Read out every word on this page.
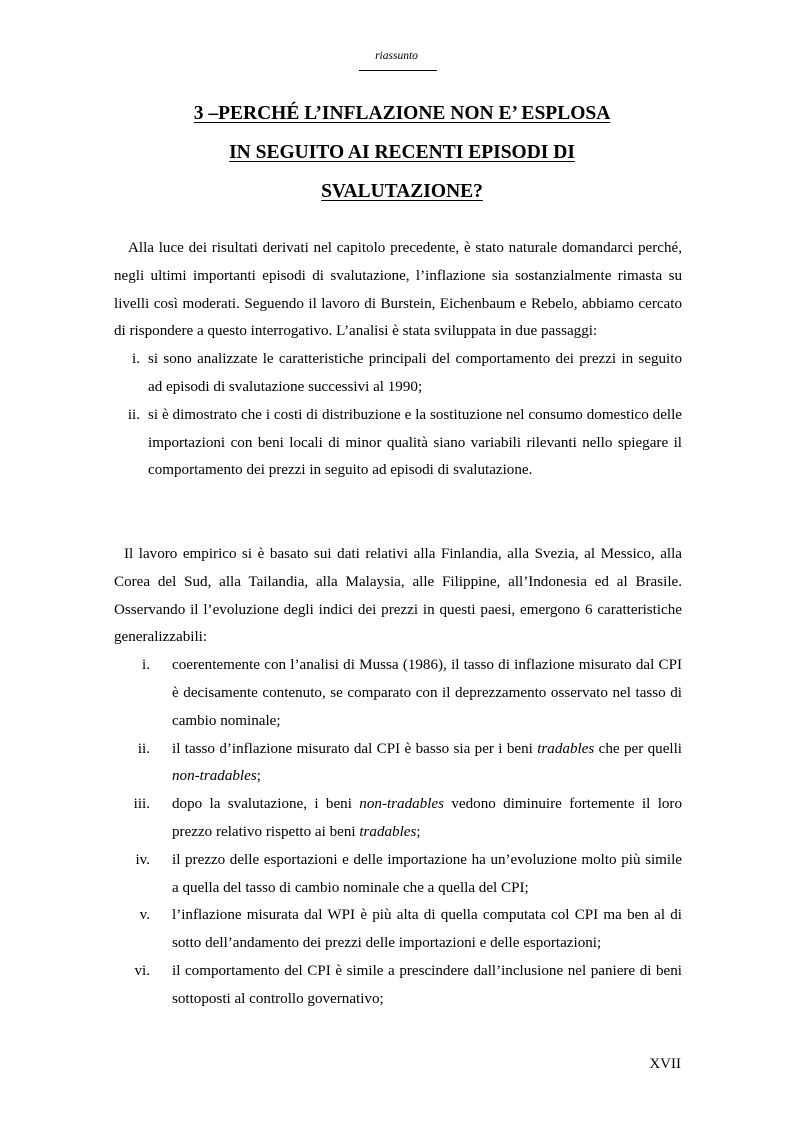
riassunto
3 –PERCHÉ L’INFLAZIONE NON E’ ESPLOSA
IN SEGUITO AI RECENTI EPISODI DI
SVALUTAZIONE?

Alla luce dei risultati derivati nel capitolo precedente, è stato naturale domandarci perché, negli ultimi importanti episodi di svalutazione, l’inflazione sia sostanzialmente rimasta su livelli così moderati. Seguendo il lavoro di Burstein, Eichenbaum e Rebelo, abbiamo cercato di rispondere a questo interrogativo. L’analisi è stata sviluppata in due passaggi:

i. si sono analizzate le caratteristiche principali del comportamento dei prezzi in seguito ad episodi di svalutazione successivi al 1990;
ii. si è dimostrato che i costi di distribuzione e la sostituzione nel consumo domestico delle importazioni con beni locali di minor qualità siano variabili rilevanti nello spiegare il comportamento dei prezzi in seguito ad episodi di svalutazione.

Il lavoro empirico si è basato sui dati relativi alla Finlandia, alla Svezia, al Messico, alla Corea del Sud, alla Tailandia, alla Malaysia, alle Filippine, all’Indonesia ed al Brasile. Osservando il l’evoluzione degli indici dei prezzi in questi paesi, emergono 6 caratteristiche generalizzabili:

i. coerentemente con l’analisi di Mussa (1986), il tasso di inflazione misurato dal CPI è decisamente contenuto, se comparato con il deprezzamento osservato nel tasso di cambio nominale;
ii. il tasso d’inflazione misurato dal CPI è basso sia per i beni tradables che per quelli non-tradables;
iii. dopo la svalutazione, i beni non-tradables vedono diminuire fortemente il loro prezzo relativo rispetto ai beni tradables;
iv. il prezzo delle esportazioni e delle importazione ha un’evoluzione molto più simile a quella del tasso di cambio nominale che a quella del CPI;
v. l’inflazione misurata dal WPI è più alta di quella computata col CPI ma ben al di sotto dell’andamento dei prezzi delle importazioni e delle esportazioni;
vi. il comportamento del CPI è simile a prescindere dall’inclusione nel paniere di beni sottoposti al controllo governativo;
XVII
